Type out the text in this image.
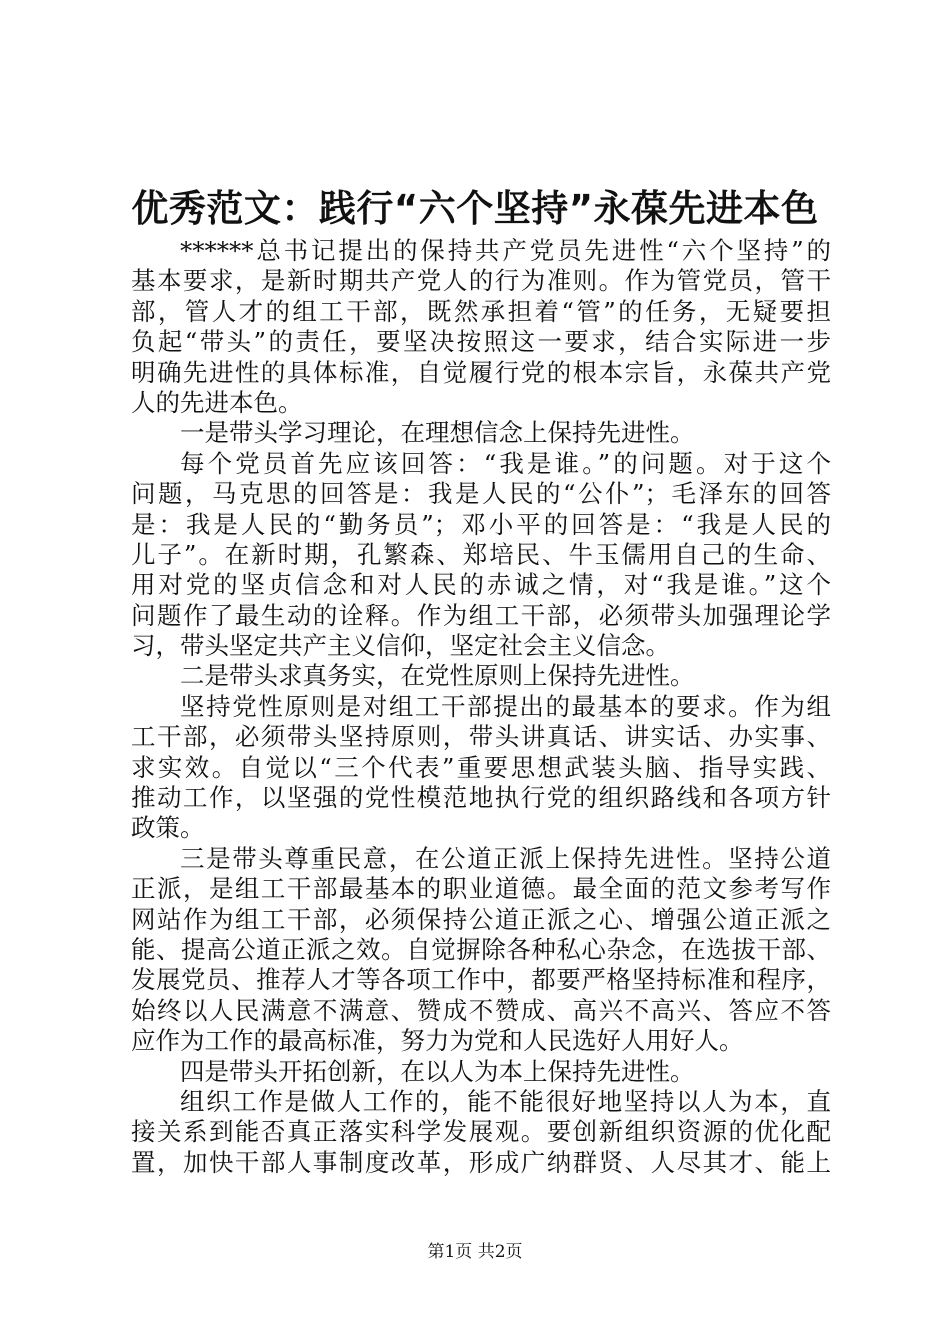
优秀范文：践行“六个坚持”永葆先进本色
******总书记提出的保持共产党员先进性“六个坚持”的
基本要求，是新时期共产党人的行为准则。作为管党员，管干
部，管人才的组工干部，既然承担着“管”的任务，无疑要担
负起“带头”的责任，要坚决按照这一要求，结合实际进一步
明确先进性的具体标准，自觉履行党的根本宗旨，永葆共产党
人的先进本色。
一是带头学习理论，在理想信念上保持先进性。
每个党员首先应该回答：“我是谁。”的问题。对于这个
问题，马克思的回答是：我是人民的“公仆”；毛泽东的回答
是：我是人民的“勤务员”；邓小平的回答是：“我是人民的
儿子”。在新时期，孔繁森、郑培民、牛玉儒用自己的生命、
用对党的坚贞信念和对人民的赤诚之情，对“我是谁。”这个
问题作了最生动的诠释。作为组工干部，必须带头加强理论学
习，带头坚定共产主义信仰，坚定社会主义信念。
二是带头求真务实，在党性原则上保持先进性。
坚持党性原则是对组工干部提出的最基本的要求。作为组
工干部，必须带头坚持原则，带头讲真话、讲实话、办实事、
求实效。自觉以“三个代表”重要思想武装头脑、指导实践、
推动工作，以坚强的党性模范地执行党的组织路线和各项方针
政策。
三是带头尊重民意，在公道正派上保持先进性。坚持公道
正派，是组工干部最基本的职业道德。最全面的范文参考写作
网站作为组工干部，必须保持公道正派之心、增强公道正派之
能、提高公道正派之效。自觉摒除各种私心杂念，在选拔干部、
发展党员、推荐人才等各项工作中，都要严格坚持标准和程序，
始终以人民满意不满意、赞成不赞成、高兴不高兴、答应不答
应作为工作的最高标准，努力为党和人民选好人用好人。
四是带头开拓创新，在以人为本上保持先进性。
组织工作是做人工作的，能不能很好地坚持以人为本，直
接关系到能否真正落实科学发展观。要创新组织资源的优化配
置，加快干部人事制度改革，形成广纳群贤、人尽其才、能上
第1页 共2页
